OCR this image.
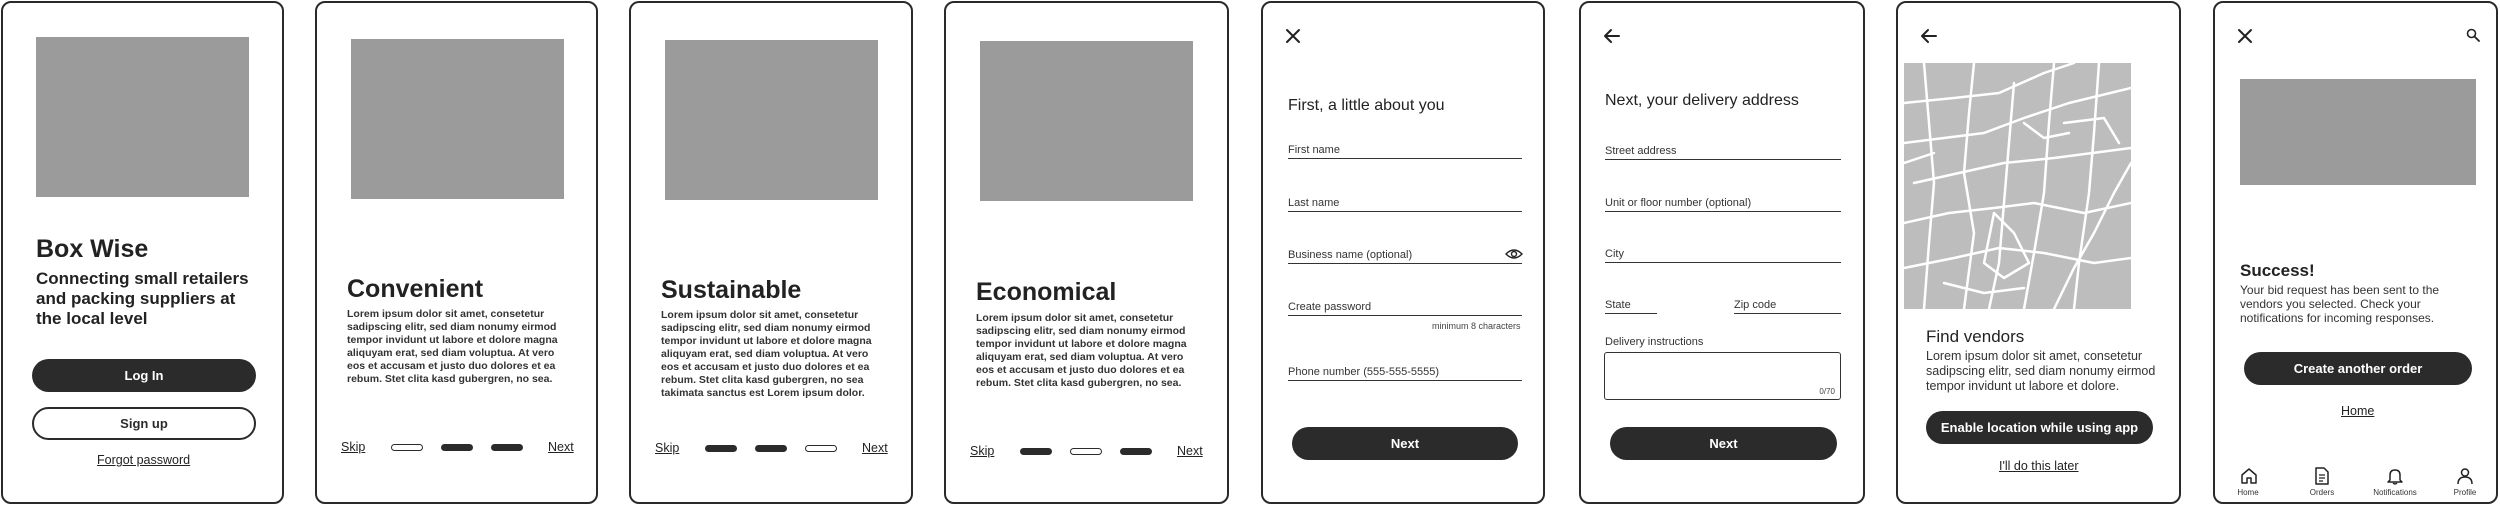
Box Wise
Connecting small retailers and packing suppliers at the local level
Log In
Sign up
Forgot password
Convenient
Lorem ipsum dolor sit amet, consetetur sadipscing elitr, sed diam nonumy eirmod tempor invidunt ut labore et dolore magna aliquyam erat, sed diam voluptua. At vero eos et accusam et justo duo dolores et ea rebum. Stet clita kasd gubergren, no sea.
Skip	Next
Sustainable
Lorem ipsum dolor sit amet, consetetur sadipscing elitr, sed diam nonumy eirmod tempor invidunt ut labore et dolore magna aliquyam erat, sed diam voluptua. At vero eos et accusam et justo duo dolores et ea rebum. Stet clita kasd gubergren, no sea takimata sanctus est Lorem ipsum dolor.
Skip	Next
Economical
Lorem ipsum dolor sit amet, consetetur sadipscing elitr, sed diam nonumy eirmod tempor invidunt ut labore et dolore magna aliquyam erat, sed diam voluptua. At vero eos et accusam et justo duo dolores et ea rebum. Stet clita kasd gubergren, no sea.
Skip	Next
First, a little about you
First name
Last name
Business name (optional)
Create password
minimum 8 characters
Phone number (555-555-5555)
Next
Next, your delivery address
Street address
Unit or floor number (optional)
City
State	Zip code
Delivery instructions
0/70
Next
Find vendors
Lorem ipsum dolor sit amet, consetetur sadipscing elitr, sed diam nonumy eirmod tempor invidunt ut labore et dolore.
Enable location while using app
I'll do this later
Success!
Your bid request has been sent to the vendors you selected. Check your notifications for incoming responses.
Create another order
Home
Home	Orders	Notifications	Profile
